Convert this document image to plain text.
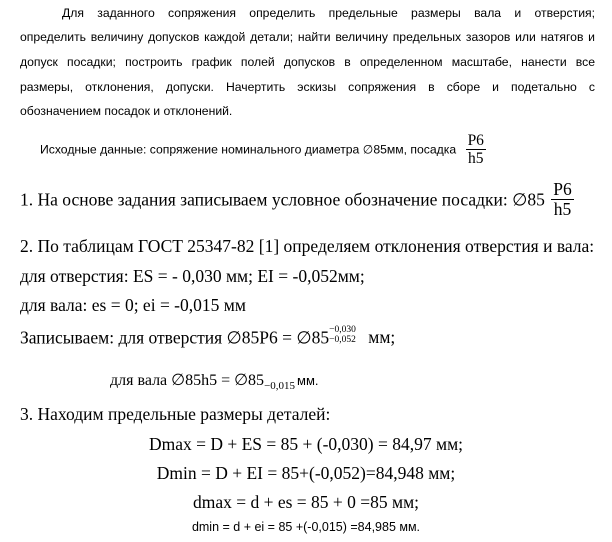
Для заданного сопряжения определить предельные размеры вала и отверстия;
определить величину допусков каждой детали; найти величину предельных зазоров или натягов и
допуск посадки; построить график полей допусков в определенном масштабе, нанести все
размеры, отклонения, допуски. Начертить эскизы сопряжения в сборе и подетально с
обозначением посадок и отклонений.
Исходные данные: сопряжение номинального диаметра ∅85мм, посадка $\frac{P6}{h5}$
1. На основе задания записываем условное обозначение посадки: ∅85 $\frac{P6}{h5}$
2. По таблицам ГОСТ 25347-82 [1] определяем отклонения отверстия и вала:
для отверстия: ES = - 0,030 мм; EI = -0,052мм;
для вала: es = 0; ei = -0,015 мм
Записываем: для отверстия ∅85P6 = ∅85 −0,030
−0,052 мм;
для вала ∅85h5 = $\emptyset 85_{-0,015}$ мм.
3. Находим предельные размеры деталей:
Dmax = D + ES = 85 + (-0,030) = 84,97 мм;
Dmin = D + EI = 85+(-0,052)=84,948 мм;
dmax = d + es = 85 + 0 =85 мм;
dmin = d + ei = 85 +(-0,015) =84,985 мм.
